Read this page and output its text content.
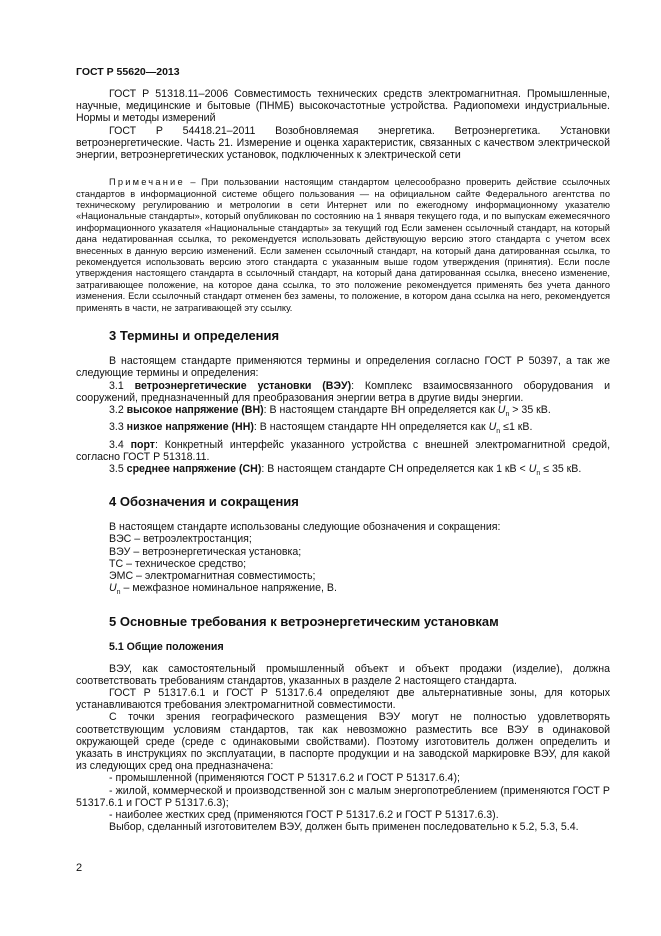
ГОСТ Р 55620—2013

ГОСТ Р 51318.11–2006 Совместимость технических средств электромагнитная. Промышленные, научные, медицинские и бытовые (ПНМБ) высокочастотные устройства. Радиопомехи индустриальные. Нормы и методы измерений

ГОСТ Р 54418.21–2011 Возобновляемая энергетика. Ветроэнергетика. Установки ветроэнергетические. Часть 21. Измерение и оценка характеристик, связанных с качеством электрической энергии, ветроэнергетических установок, подключенных к электрической сети

Примечание – При пользовании настоящим стандартом целесообразно проверить действие ссылочных стандартов в информационной системе общего пользования — на официальном сайте Федерального агентства по техническому регулированию и метрологии в сети Интернет или по ежегодному информационному указателю «Национальные стандарты», который опубликован по состоянию на 1 января текущего года, и по выпускам ежемесячного информационного указателя «Национальные стандарты» за текущий год Если заменен ссылочный стандарт, на который дана недатированная ссылка, то рекомендуется использовать действующую версию этого стандарта с учетом всех внесенных в данную версию изменений. Если заменен ссылочный стандарт, на который дана датированная ссылка, то рекомендуется использовать версию этого стандарта с указанным выше годом утверждения (принятия). Если после утверждения настоящего стандарта в ссылочный стандарт, на который дана датированная ссылка, внесено изменение, затрагивающее положение, на которое дана ссылка, то это положение рекомендуется применять без учета данного изменения. Если ссылочный стандарт отменен без замены, то положение, в котором дана ссылка на него, рекомендуется применять в части, не затрагивающей эту ссылку.

3 Термины и определения

В настоящем стандарте применяются термины и определения согласно ГОСТ Р 50397, а так же следующие термины и определения:

3.1 ветроэнергетические установки (ВЭУ): Комплекс взаимосвязанного оборудования и сооружений, предназначенный для преобразования энергии ветра в другие виды энергии.

3.2 высокое напряжение (ВН): В настоящем стандарте ВН определяется как $U_n > 35$ кВ.

3.3 низкое напряжение (НН): В настоящем стандарте НН определяется как $U_n \le 1$ кВ.

3.4 порт: Конкретный интерфейс указанного устройства с внешней электромагнитной средой, согласно ГОСТ Р 51318.11.

3.5 среднее напряжение (СН): В настоящем стандарте СН определяется как 1 кВ < $U_n \le 35$ кВ.

4 Обозначения и сокращения

В настоящем стандарте использованы следующие обозначения и сокращения:

ВЭС – ветроэлектростанция;

ВЭУ – ветроэнергетическая установка;

ТС – техническое средство;

ЭМС – электромагнитная совместимость;

$U_n$ – межфазное номинальное напряжение, В.

5 Основные требования к ветроэнергетическим установкам
5.1 Общие положения

ВЭУ, как самостоятельный промышленный объект и объект продажи (изделие), должна соответствовать требованиям стандартов, указанных в разделе 2 настоящего стандарта.

ГОСТ Р 51317.6.1 и ГОСТ Р 51317.6.4 определяют две альтернативные зоны, для которых устанавливаются требования электромагнитной совместимости.

С точки зрения географического размещения ВЭУ могут не полностью удовлетворять соответствующим условиям стандартов, так как невозможно разместить все ВЭУ в одинаковой окружающей среде (среде с одинаковыми свойствами). Поэтому изготовитель должен определить и указать в инструкциях по эксплуатации, в паспорте продукции и на заводской маркировке ВЭУ, для какой из следующих сред она предназначена:

- промышленной (применяются ГОСТ Р 51317.6.2 и ГОСТ Р 51317.6.4);

- жилой, коммерческой и производственной зон с малым энергопотреблением (применяются ГОСТ Р 51317.6.1 и ГОСТ Р 51317.6.3);

- наиболее жестких сред (применяются ГОСТ Р 51317.6.2 и ГОСТ Р 51317.6.3).

Выбор, сделанный изготовителем ВЭУ, должен быть применен последовательно к 5.2, 5.3, 5.4.

2
